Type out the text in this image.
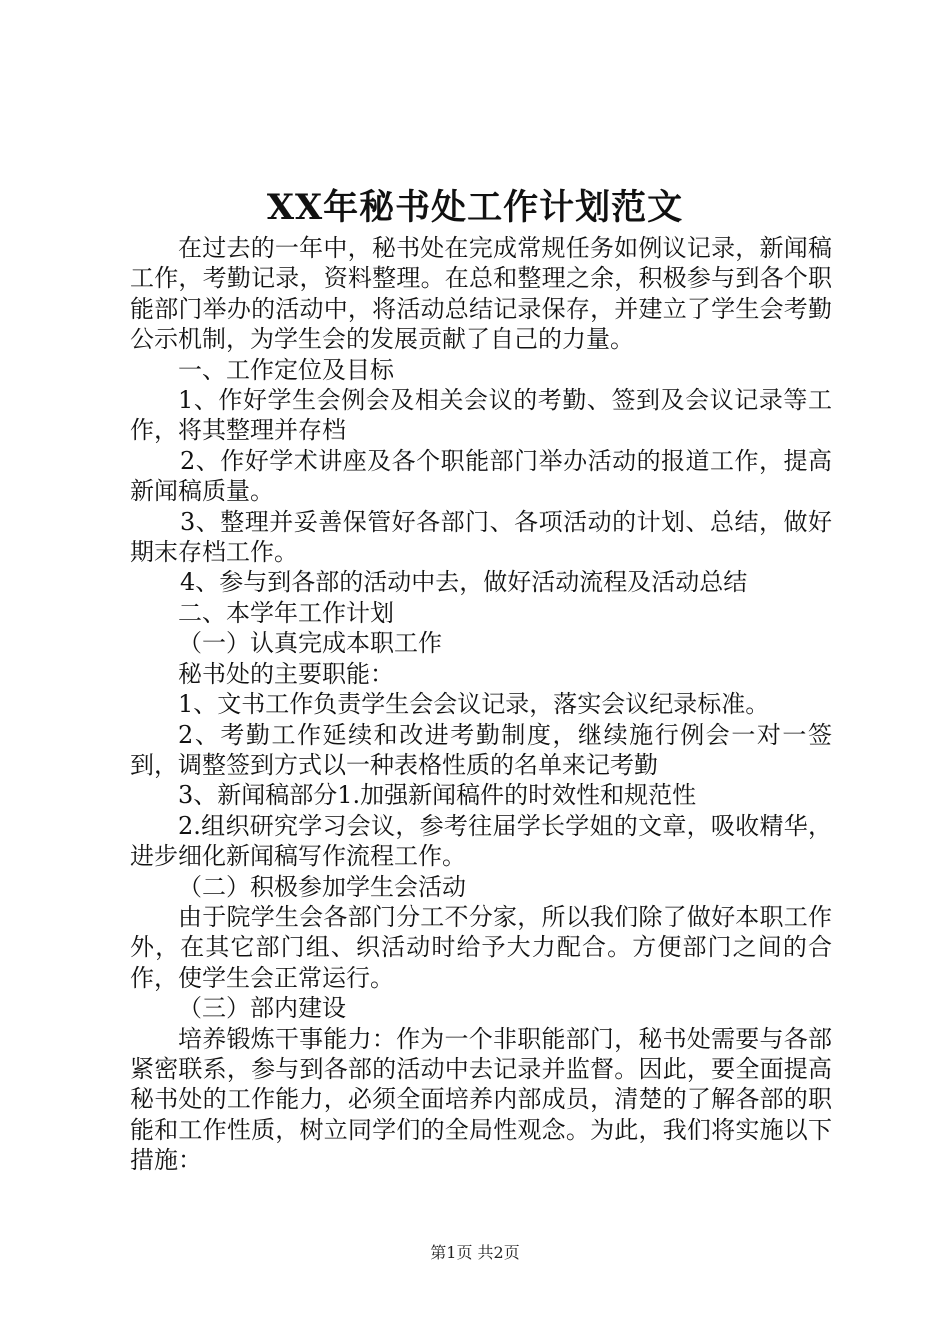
XX年秘书处工作计划范文

在过去的一年中，秘书处在完成常规任务如例议记录，新闻稿工作，考勤记录，资料整理。在总和整理之余，积极参与到各个职能部门举办的活动中，将活动总结记录保存，并建立了学生会考勤公示机制，为学生会的发展贡献了自己的力量。

一、工作定位及目标

1、作好学生会例会及相关会议的考勤、签到及会议记录等工作，将其整理并存档

2、作好学术讲座及各个职能部门举办活动的报道工作，提高新闻稿质量。

3、整理并妥善保管好各部门、各项活动的计划、总结，做好期末存档工作。

4、参与到各部的活动中去，做好活动流程及活动总结

二、本学年工作计划

（一）认真完成本职工作

秘书处的主要职能：

1、文书工作负责学生会会议记录，落实会议纪录标准。

2、考勤工作延续和改进考勤制度，继续施行例会一对一签到，调整签到方式以一种表格性质的名单来记考勤

3、新闻稿部分1.加强新闻稿件的时效性和规范性

2.组织研究学习会议，参考往届学长学姐的文章，吸收精华，进步细化新闻稿写作流程工作。

（二）积极参加学生会活动

由于院学生会各部门分工不分家，所以我们除了做好本职工作外，在其它部门组、织活动时给予大力配合。方便部门之间的合作，使学生会正常运行。

（三）部内建设

培养锻炼干事能力：作为一个非职能部门，秘书处需要与各部紧密联系，参与到各部的活动中去记录并监督。因此，要全面提高秘书处的工作能力，必须全面培养内部成员，清楚的了解各部的职能和工作性质，树立同学们的全局性观念。为此，我们将实施以下措施：

第1页 共2页
